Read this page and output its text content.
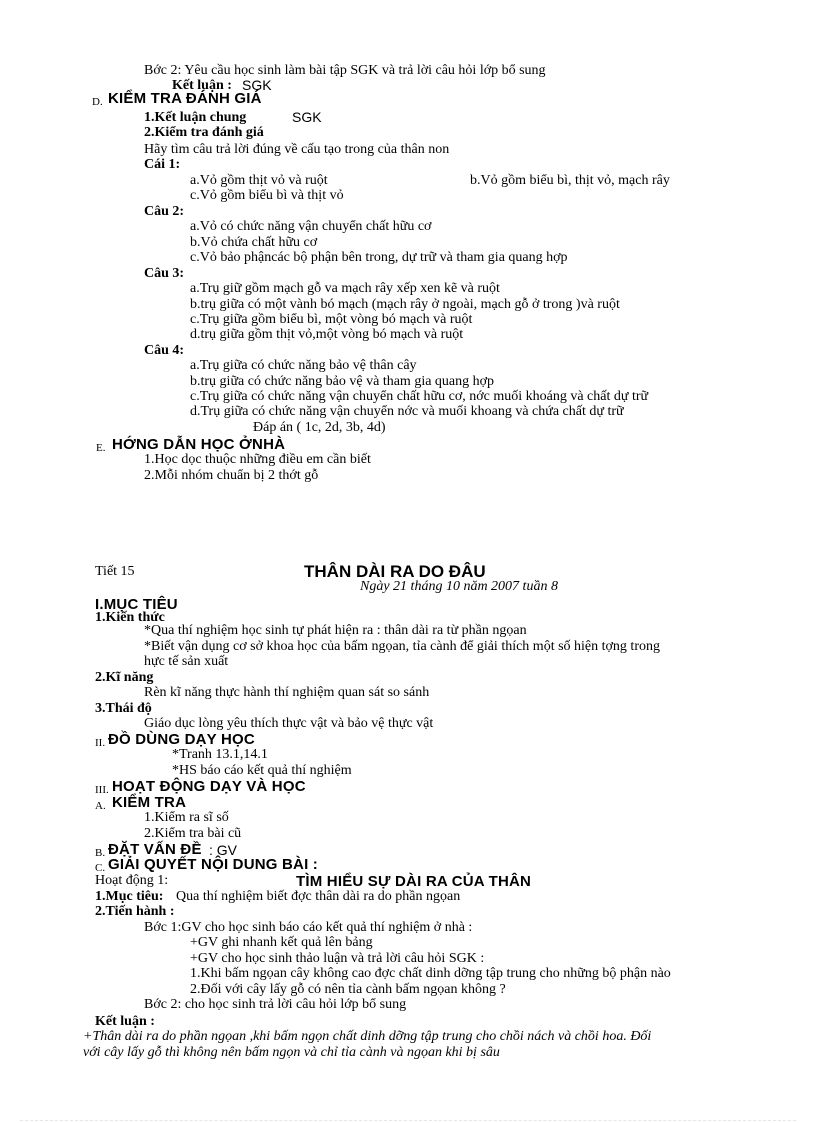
Bớc 2: Yêu cầu học sinh làm bài tập SGK và trả lời câu hỏi lớp bổ sung
Kết luận : SGK
D. KIỂM TRA ĐÁNH GIÁ
1.Kết luận chung	SGK
2.Kiểm tra đánh giá
Hãy tìm câu trả lời đúng về cấu tạo trong của thân non
Cái 1:
a.Vỏ gồm thịt vỏ và ruột	b.Vỏ gồm biểu bì, thịt vỏ, mạch rây
c.Vỏ gồm biểu bì và thịt vỏ
Câu 2:
a.Vỏ có chức năng vận chuyển chất hữu cơ
b.Vỏ chứa chất hữu cơ
c.Vỏ bảo phậncác bộ phận bên trong, dự trữ và tham gia quang hợp
Câu 3:
a.Trụ giữ gồm mạch gỗ va mạch rây xếp xen kẽ và ruột
b.trụ giữa có một vành bó mạch (mạch rây ở ngoài, mạch gỗ ở trong )và ruột
c.Trụ giữa gồm biểu bì, một vòng bó mạch và ruột
d.trụ giữa gồm thịt vỏ,một vòng bó mạch và ruột
Câu 4:
a.Trụ giữa có chức năng bảo vệ thân cây
b.trụ giữa có chức năng bảo vệ và tham gia quang hợp
c.Trụ giữa có chức năng vận chuyển chất hữu cơ, nớc muối khoáng và chất dự trữ
d.Trụ giữa có chức năng vận chuyển nớc và muối khoang và chứa chất dự trữ
Đáp án ( 1c, 2d, 3b, 4d)
E. HỚNG DẪN HỌC ỞNHÀ
1.Học dọc thuộc những điều em cần biết
2.Mỗi nhóm chuẩn bị 2 thớt gỗ
Tiết 15	THÂN DÀI RA DO ĐÂU
Ngày 21 tháng 10 năm 2007 tuần 8
I.MỤC TIÊU
1.Kiến thức
*Qua thí nghiệm học sinh tự phát hiện ra : thân dài ra từ phần ngọan
*Biết vận dụng cơ sở khoa học của bấm ngọan, tỉa cành để giải thích một số hiện tợng trong
hực tế sản xuất
2.Kĩ năng
Rèn kĩ năng thực hành thí nghiệm quan sát so sánh
3.Thái độ
Giáo dục lòng yêu thích thực vật và bảo vệ thực vật
II. ĐỒ DÙNG DẠY HỌC
*Tranh 13.1,14.1
*HS báo cáo kết quả thí nghiệm
III. HOẠT ĐỘNG DẠY VÀ HỌC
A. KIỂM TRA
1.Kiểm ra sĩ số
2.Kiểm tra bài cũ
B. ĐẶT VẤN ĐỀ : GV
C. GIẢI QUYẾT NỘI DUNG BÀI :
Hoạt động 1:	TÌM HIỂU SỰ DÀI RA CỦA THÂN
1.Mục tiêu: Qua thí nghiệm biết đợc thân dài ra do phần ngọan
2.Tiến hành :
Bớc 1:GV cho học sinh báo cáo kết quả thí nghiệm ở nhà :
+GV ghi nhanh kết quả lên bảng
+GV cho học sinh thảo luận và trả lời câu hỏi SGK :
1.Khi bấm ngọan cây không cao đợc chất dinh dỡng tập trung cho những bộ phận nào
2.Đối với cây lấy gỗ có nên tỉa cành bấm ngọan không ?
Bớc 2: cho học sinh trả lời câu hỏi lớp bổ sung
Kết luận :
+Thân dài ra do phần ngọan ,khi bấm ngọn chất dinh dỡng tập trung cho chồi nách và chồi hoa. Đối
với cây lấy gỗ thì không nên bấm ngọn và chỉ tỉa cành và ngọan khi bị sâu
